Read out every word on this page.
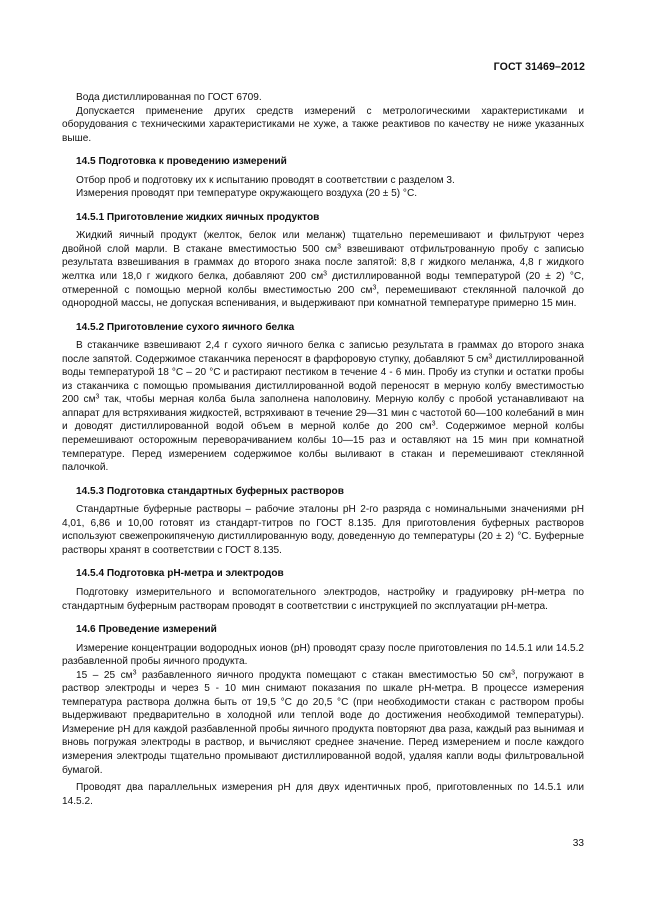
ГОСТ 31469–2012

Вода дистиллированная по ГОСТ 6709.

Допускается применение других средств измерений с метрологическими характеристиками и оборудования с техническими характеристиками не хуже, а также реактивов по качеству не ниже указанных выше.

14.5 Подготовка к проведению измерений

Отбор проб и подготовку их к испытанию проводят в соответствии с разделом 3.

Измерения проводят при температуре окружающего воздуха (20 ± 5) °С.

14.5.1 Приготовление жидких яичных продуктов

Жидкий яичный продукт (желток, белок или меланж) тщательно перемешивают и фильтруют через двойной слой марли. В стакане вместимостью 500 $см^3$ взвешивают отфильтрованную пробу с записью результата взвешивания в граммах до второго знака после запятой: 8,8 г жидкого меланжа, 4,8 г жидкого желтка или 18,0 г жидкого белка, добавляют 200 $см^3$ дистиллированной воды температурой (20 ± 2) °С, отмеренной с помощью мерной колбы вместимостью 200 $см^3$, перемешивают стеклянной палочкой до однородной массы, не допуская вспенивания, и выдерживают при комнатной температуре примерно 15 мин.

14.5.2 Приготовление сухого яичного белка

В стаканчике взвешивают 2,4 г сухого яичного белка с записью результата в граммах до второго знака после запятой. Содержимое стаканчика переносят в фарфоровую ступку, добавляют 5 $см^3$ дистиллированной воды температурой 18 °С – 20 °С и растирают пестиком в течение 4 - 6 мин. Пробу из ступки и остатки пробы из стаканчика с помощью промывания дистиллированной водой переносят в мерную колбу вместимостью 200 $см^3$ так, чтобы мерная колба была заполнена наполовину. Мерную колбу с пробой устанавливают на аппарат для встряхивания жидкостей, встряхивают в течение 29—31 мин с частотой 60—100 колебаний в мин и доводят дистиллированной водой объем в мерной колбе до 200 $см^3$. Содержимое мерной колбы перемешивают осторожным переворачиванием колбы 10—15 раз и оставляют на 15 мин при комнатной температуре. Перед измерением содержимое колбы выливают в стакан и перемешивают стеклянной палочкой.

14.5.3 Подготовка стандартных буферных растворов

Стандартные буферные растворы – рабочие эталоны рН 2-го разряда с номинальными значениями рН 4,01, 6,86 и 10,00 готовят из стандарт-титров по ГОСТ 8.135. Для приготовления буферных растворов используют свежепрокипяченую дистиллированную воду, доведенную до температуры (20 ± 2) °С. Буферные растворы хранят в соответствии с ГОСТ 8.135.

14.5.4 Подготовка рН-метра и электродов

Подготовку измерительного и вспомогательного электродов, настройку и градуировку рН-метра по стандартным буферным растворам проводят в соответствии с инструкцией по эксплуатации рН-метра.

14.6 Проведение измерений

Измерение концентрации водородных ионов (рН) проводят сразу после приготовления по 14.5.1 или 14.5.2 разбавленной пробы яичного продукта.

15 – 25 $см^3$ разбавленного яичного продукта помещают с стакан вместимостью 50 $см^3$, погружают в раствор электроды и через 5 - 10 мин снимают показания по шкале рН-метра. В процессе измерения температура раствора должна быть от 19,5 °С до 20,5 °С (при необходимости стакан с раствором пробы выдерживают предварительно в холодной или теплой воде до достижения необходимой температуры). Измерение рН для каждой разбавленной пробы яичного продукта повторяют два раза, каждый раз вынимая и вновь погружая электроды в раствор, и вычисляют среднее значение. Перед измерением и после каждого измерения электроды тщательно промывают дистиллированной водой, удаляя капли воды фильтровальной бумагой.

Проводят два параллельных измерения рН для двух идентичных проб, приготовленных по 14.5.1 или 14.5.2.

33
